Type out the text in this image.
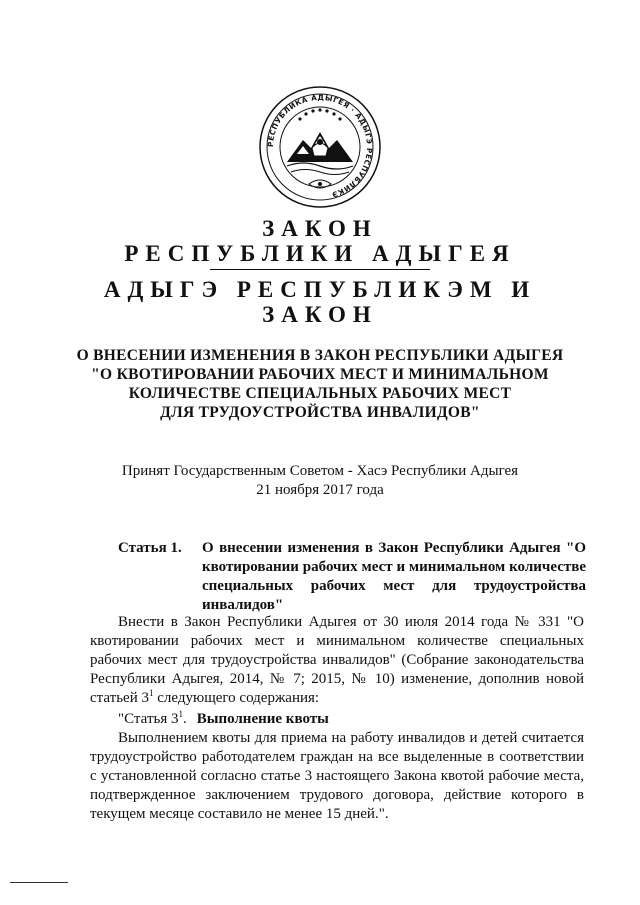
РЕСПУБЛИКА АДЫГЕЯ · АДЫГЭ РЕСПУБЛИКЭ
ЗАКОН
РЕСПУБЛИКИ АДЫГЕЯ
АДЫГЭ РЕСПУБЛИКЭМ И
ЗАКОН
О ВНЕСЕНИИ ИЗМЕНЕНИЯ В ЗАКОН РЕСПУБЛИКИ АДЫГЕЯ
"О КВОТИРОВАНИИ РАБОЧИХ МЕСТ И МИНИМАЛЬНОМ
КОЛИЧЕСТВЕ СПЕЦИАЛЬНЫХ РАБОЧИХ МЕСТ
ДЛЯ ТРУДОУСТРОЙСТВА ИНВАЛИДОВ"
Принят Государственным Советом - Хасэ Республики Адыгея
21 ноября 2017 года
Статья 1. О внесении изменения в Закон Республики Адыгея "О квотировании рабочих мест и минимальном количестве специальных рабочих мест для трудоустройства инвалидов"

Внести в Закон Республики Адыгея от 30 июля 2014 года № 331 "О квотировании рабочих мест и минимальном количестве специальных рабочих мест для трудоустройства инвалидов" (Собрание законодательства Республики Адыгея, 2014, № 7; 2015, № 10) изменение, дополнив новой статьей $3^1$ следующего содержания:

"Статья $3^1$. Выполнение квоты

Выполнением квоты для приема на работу инвалидов и детей считается трудоустройство работодателем граждан на все выделенные в соответствии с установленной согласно статье 3 настоящего Закона квотой рабочие места, подтвержденное заключением трудового договора, действие которого в текущем месяце составило не менее 15 дней.".
